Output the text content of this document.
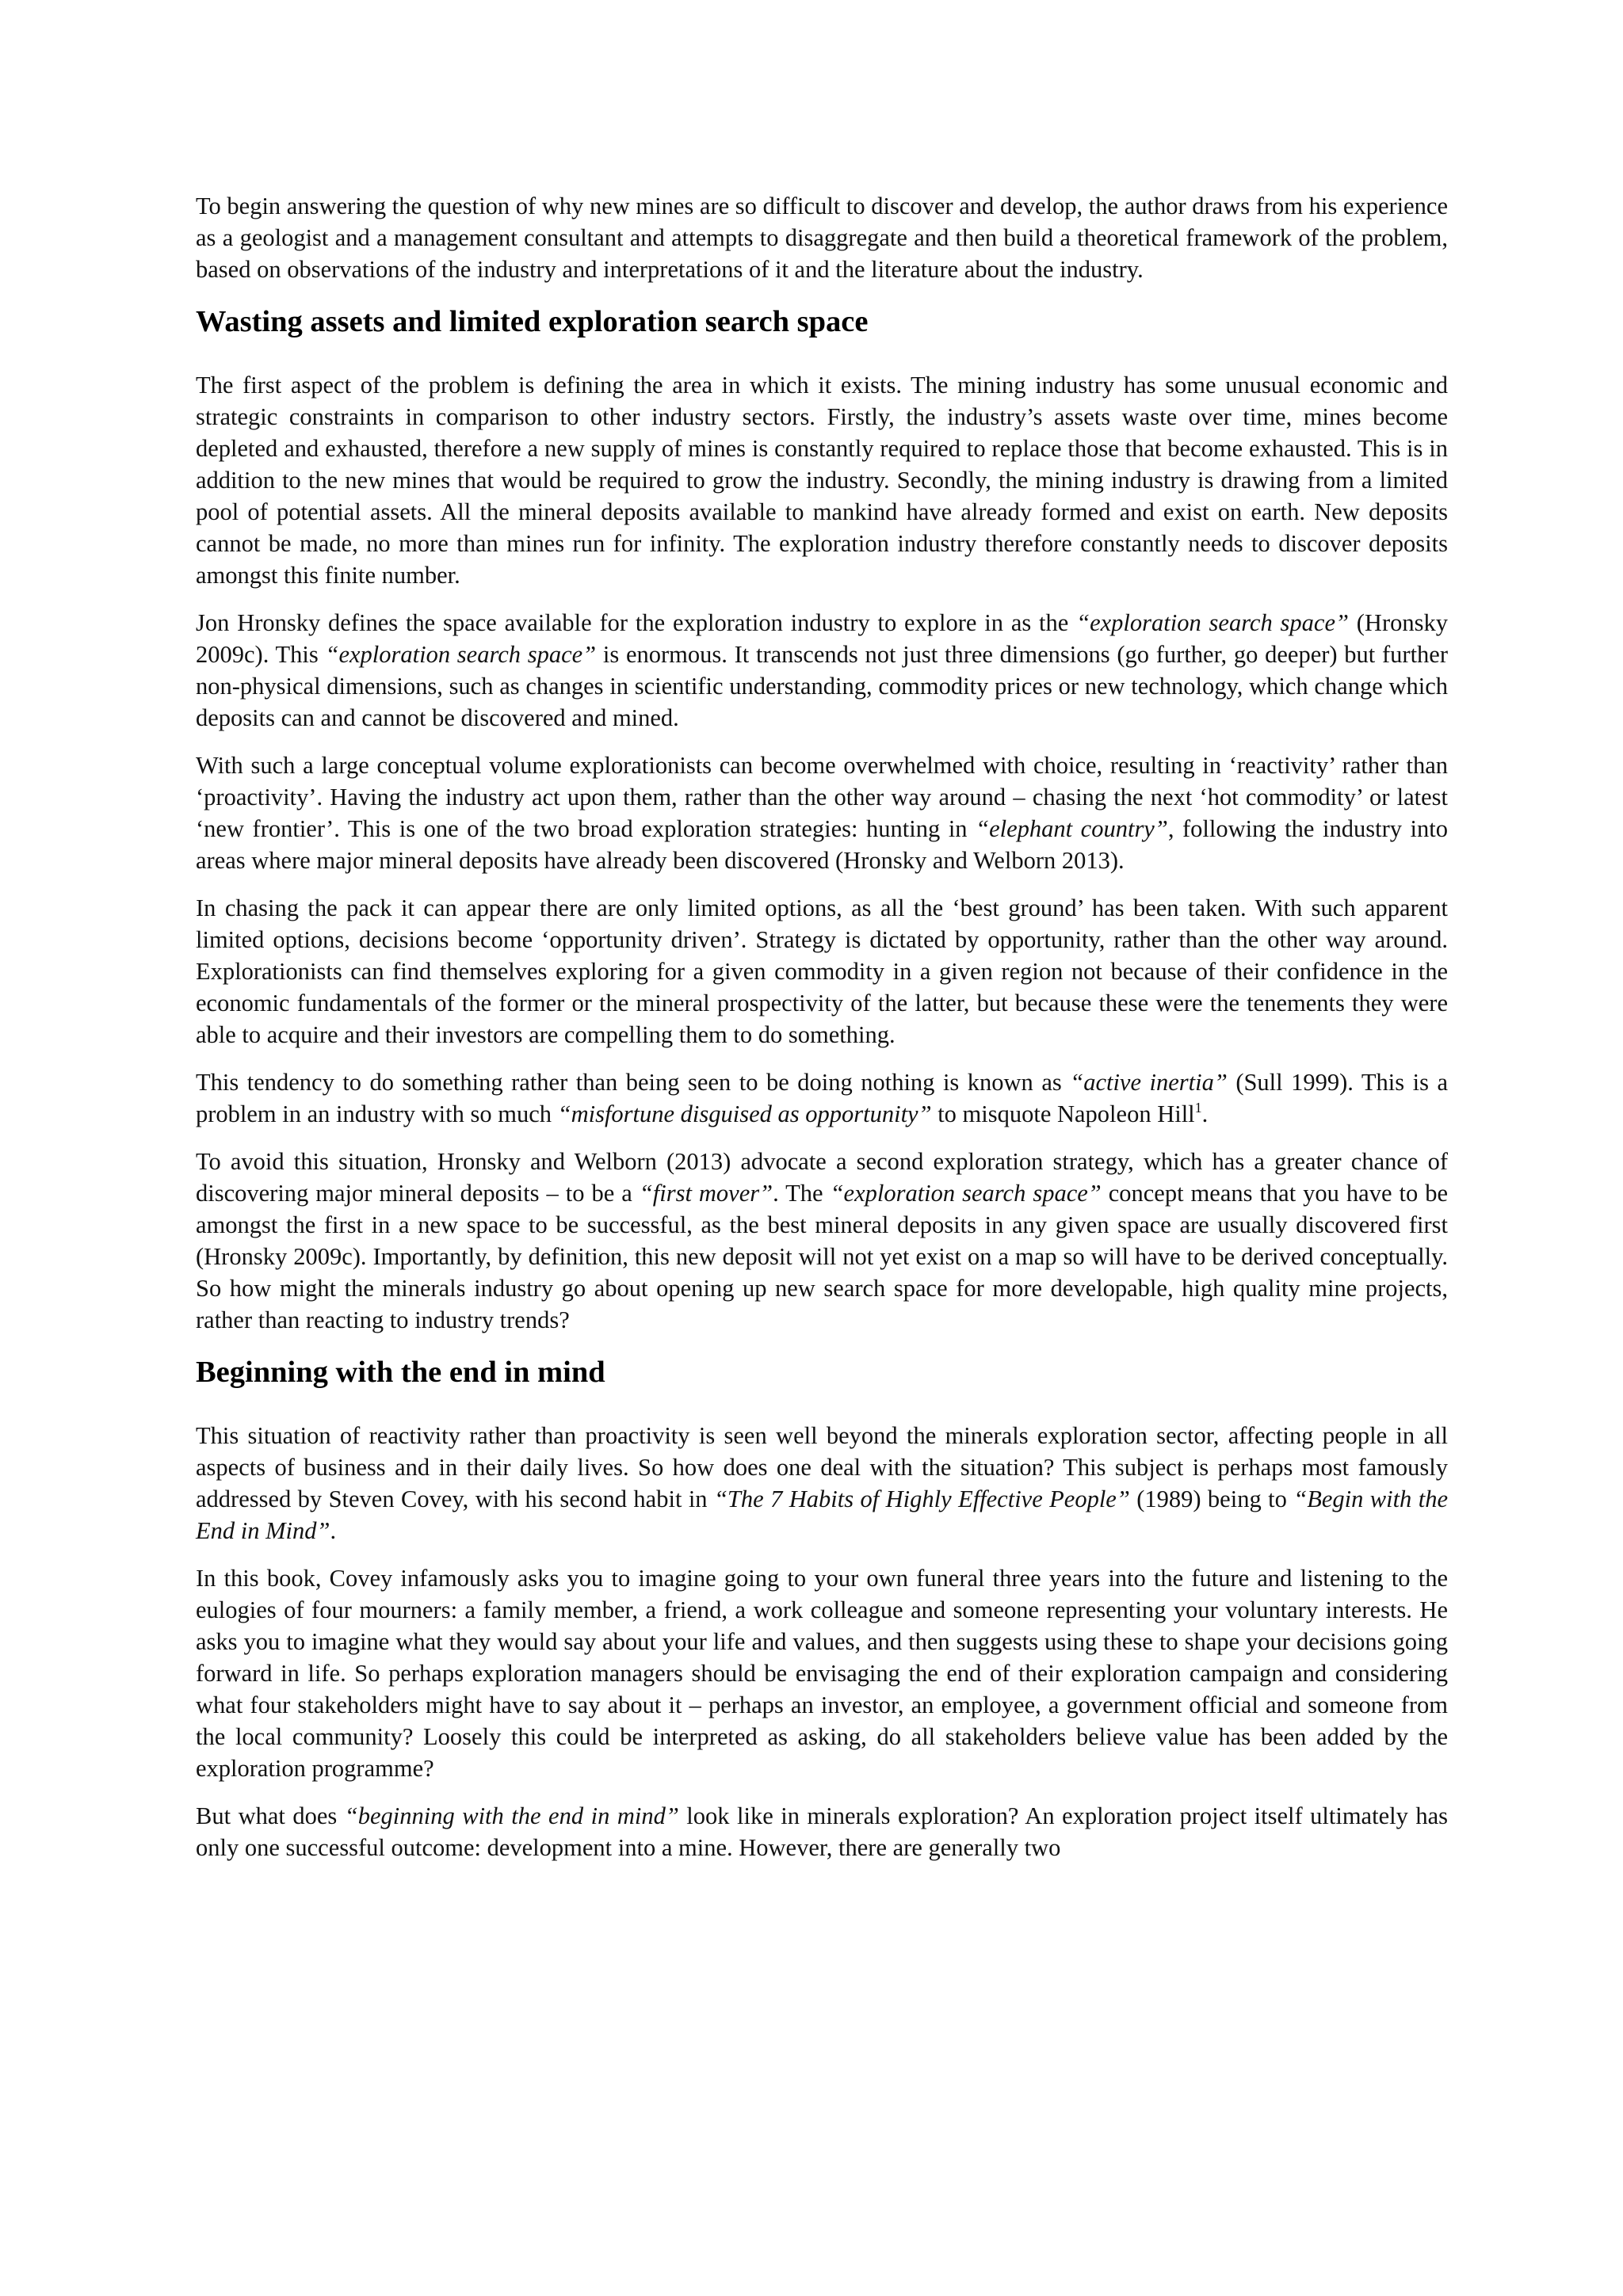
To begin answering the question of why new mines are so difficult to discover and develop, the author draws from his experience as a geologist and a management consultant and attempts to disaggregate and then build a theoretical framework of the problem, based on observations of the industry and interpretations of it and the literature about the industry.

Wasting assets and limited exploration search space

The first aspect of the problem is defining the area in which it exists. The mining industry has some unusual economic and strategic constraints in comparison to other industry sectors. Firstly, the industry’s assets waste over time, mines become depleted and exhausted, therefore a new supply of mines is constantly required to replace those that become exhausted. This is in addition to the new mines that would be required to grow the industry. Secondly, the mining industry is drawing from a limited pool of potential assets. All the mineral deposits available to mankind have already formed and exist on earth. New deposits cannot be made, no more than mines run for infinity. The exploration industry therefore constantly needs to discover deposits amongst this finite number.

Jon Hronsky defines the space available for the exploration industry to explore in as the “exploration search space” (Hronsky 2009c). This “exploration search space” is enormous. It transcends not just three dimensions (go further, go deeper) but further non-physical dimensions, such as changes in scientific understanding, commodity prices or new technology, which change which deposits can and cannot be discovered and mined.

With such a large conceptual volume explorationists can become overwhelmed with choice, resulting in ‘reactivity’ rather than ‘proactivity’. Having the industry act upon them, rather than the other way around – chasing the next ‘hot commodity’ or latest ‘new frontier’. This is one of the two broad exploration strategies: hunting in “elephant country”, following the industry into areas where major mineral deposits have already been discovered (Hronsky and Welborn 2013).

In chasing the pack it can appear there are only limited options, as all the ‘best ground’ has been taken. With such apparent limited options, decisions become ‘opportunity driven’. Strategy is dictated by opportunity, rather than the other way around. Explorationists can find themselves exploring for a given commodity in a given region not because of their confidence in the economic fundamentals of the former or the mineral prospectivity of the latter, but because these were the tenements they were able to acquire and their investors are compelling them to do something.

This tendency to do something rather than being seen to be doing nothing is known as “active inertia” (Sull 1999). This is a problem in an industry with so much “misfortune disguised as opportunity” to misquote Napoleon Hill$^1$.

To avoid this situation, Hronsky and Welborn (2013) advocate a second exploration strategy, which has a greater chance of discovering major mineral deposits – to be a “first mover”. The “exploration search space” concept means that you have to be amongst the first in a new space to be successful, as the best mineral deposits in any given space are usually discovered first (Hronsky 2009c). Importantly, by definition, this new deposit will not yet exist on a map so will have to be derived conceptually. So how might the minerals industry go about opening up new search space for more developable, high quality mine projects, rather than reacting to industry trends?

Beginning with the end in mind

This situation of reactivity rather than proactivity is seen well beyond the minerals exploration sector, affecting people in all aspects of business and in their daily lives. So how does one deal with the situation? This subject is perhaps most famously addressed by Steven Covey, with his second habit in “The 7 Habits of Highly Effective People” (1989) being to “Begin with the End in Mind”.

In this book, Covey infamously asks you to imagine going to your own funeral three years into the future and listening to the eulogies of four mourners: a family member, a friend, a work colleague and someone representing your voluntary interests. He asks you to imagine what they would say about your life and values, and then suggests using these to shape your decisions going forward in life. So perhaps exploration managers should be envisaging the end of their exploration campaign and considering what four stakeholders might have to say about it – perhaps an investor, an employee, a government official and someone from the local community? Loosely this could be interpreted as asking, do all stakeholders believe value has been added by the exploration programme?

But what does “beginning with the end in mind” look like in minerals exploration? An exploration project itself ultimately has only one successful outcome: development into a mine. However, there are generally two
